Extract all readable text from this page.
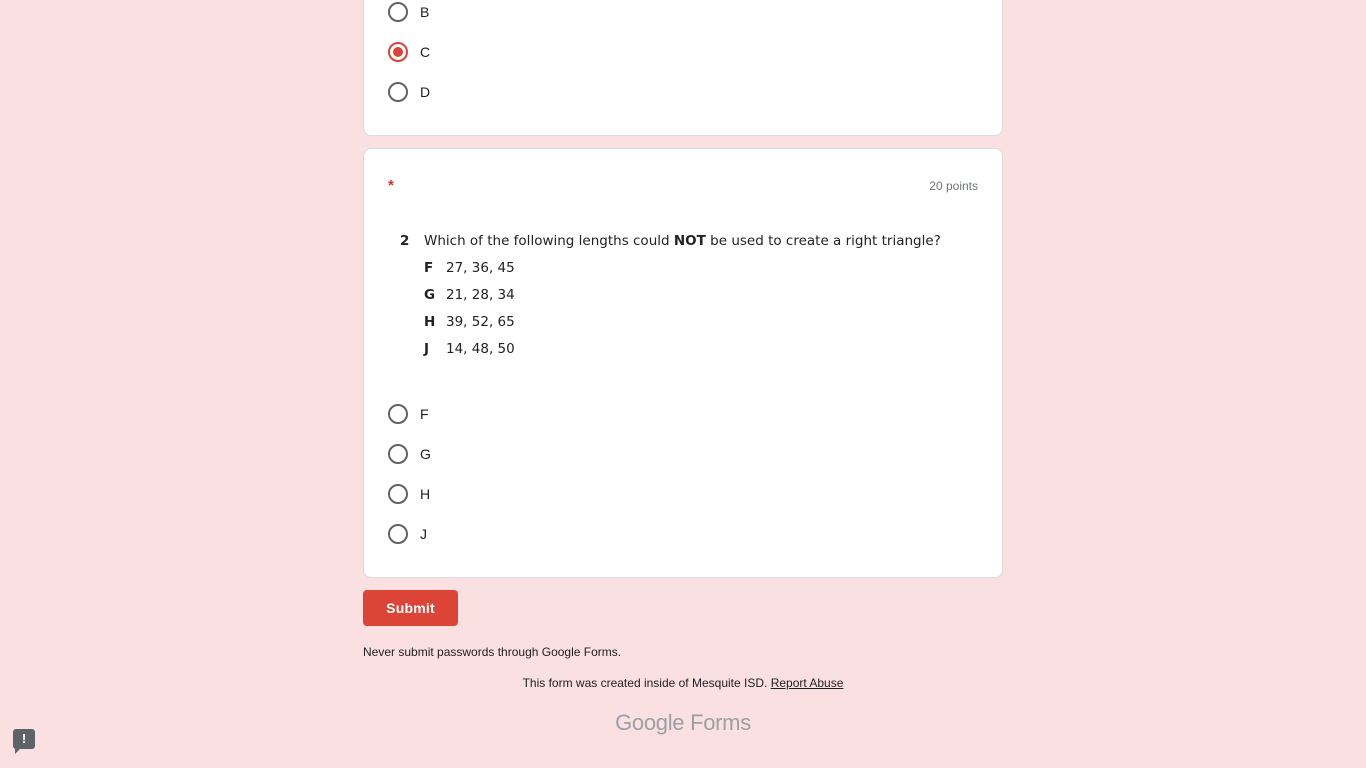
B
C
D
*	20 points
2	Which of the following lengths could NOT be used to create a right triangle?
F 27, 36, 45
G 21, 28, 34
H 39, 52, 65
J	14, 48, 50
F
G
H
J
Submit
Never submit passwords through Google Forms.
This form was created inside of Mesquite ISD. Report Abuse
Google Forms
!
